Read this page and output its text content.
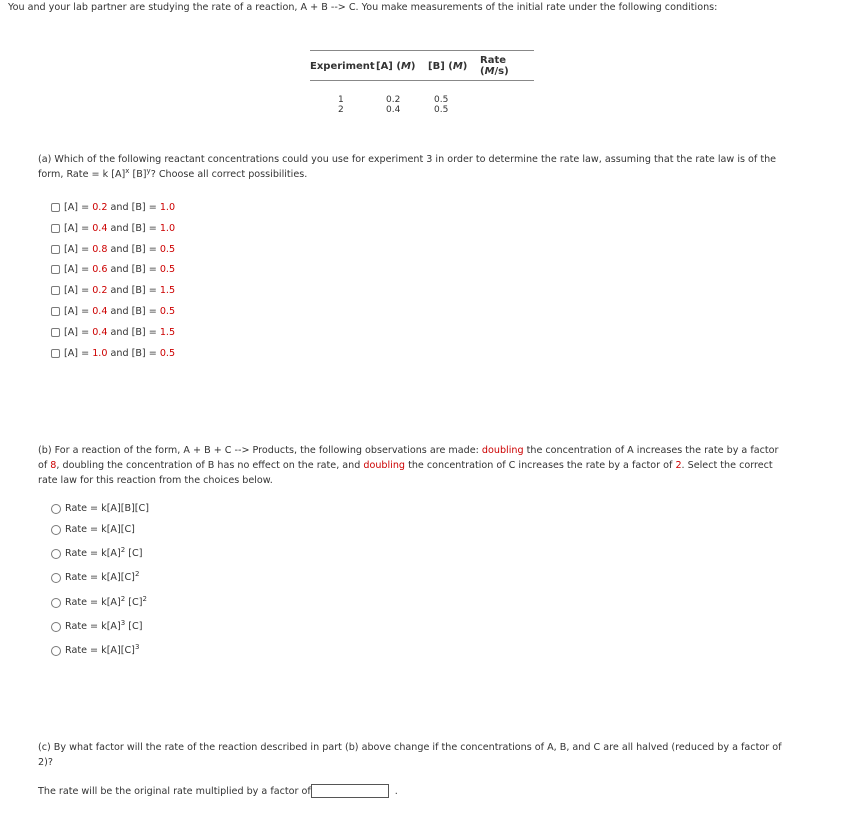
You and your lab partner are studying the rate of a reaction, A + B --> C. You make measurements of the initial rate under the following conditions:
Experiment	[A] (M)	[B] (M)	Rate (M/s)

1	0.2	0.5	
2	0.4	0.5	
(a) Which of the following reactant concentrations could you use for experiment 3 in order to determine the rate law, assuming that the rate law is of the
form, Rate = k $[A]^x$ $[B]^y$? Choose all correct possibilities.
[A] = 0.2 and [B] = 1.0
[A] = 0.4 and [B] = 1.0
[A] = 0.8 and [B] = 0.5
[A] = 0.6 and [B] = 0.5
[A] = 0.2 and [B] = 1.5
[A] = 0.4 and [B] = 0.5
[A] = 0.4 and [B] = 1.5
[A] = 1.0 and [B] = 0.5
(b) For a reaction of the form, A + B + C --> Products, the following observations are made: doubling the concentration of A increases the rate by a factor
of 8, doubling the concentration of B has no effect on the rate, and doubling the concentration of C increases the rate by a factor of 2. Select the correct
rate law for this reaction from the choices below.
Rate = k[A][B][C]
Rate = k[A][C]
Rate = $k[A]^2$ [C]
Rate = $k[A][C]^2$
Rate = $k[A]^2$ $[C]^2$
Rate = $k[A]^3$ [C]
Rate = $k[A][C]^3$
(c) By what factor will the rate of the reaction described in part (b) above change if the concentrations of A, B, and C are all halved (reduced by a factor of
2)?
The rate will be the original rate multiplied by a factor of	.
